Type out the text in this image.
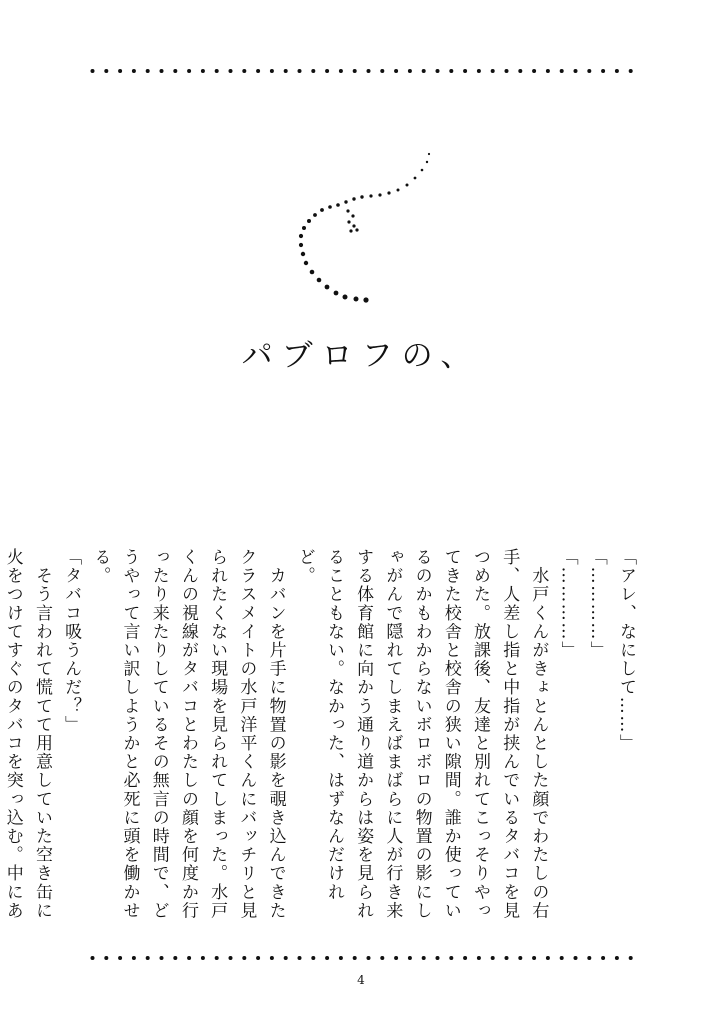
パブロフの、

「アレ、なにして……」

「…………」

「…………」

　水戸くんがきょとんとした顔でわたしの右手、人差し指と中指が挟んでいるタバコを見つめた。放課後、友達と別れてこっそりやってきた校舎と校舎の狭い隙間。誰か使っているのかもわからないボロボロの物置の影にしゃがんで隠れてしまえばまばらに人が行き来する体育館に向かう通り道からは姿を見られることもない。なかった、はずなんだけれど。

　カバンを片手に物置の影を覗き込んできたクラスメイトの水戸洋平くんにバッチリと見られたくない現場を見られてしまった。水戸くんの視線がタバコとわたしの顔を何度か行ったり来たりしているその無言の時間で、どうやって言い訳しようかと必死に頭を働かせる。

「タバコ吸うんだ？」

　そう言われて慌てて用意していた空き缶に火をつけてすぐのタバコを突っ込む。中にあ

4
